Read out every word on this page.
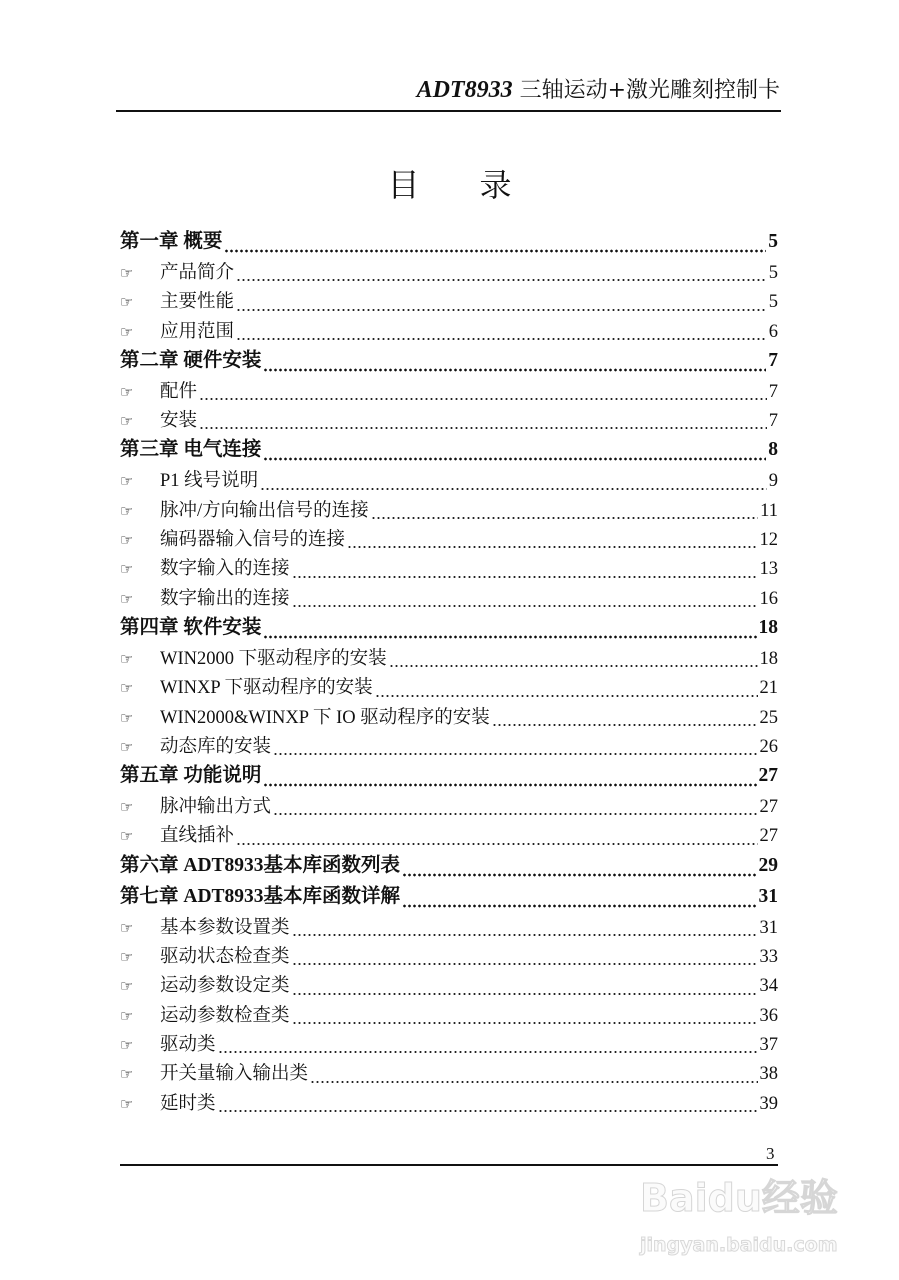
ADT8933 三轴运动+激光雕刻控制卡
目录
第一章 概要	5
☞	产品简介	5
☞	主要性能	5
☞	应用范围	6
第二章 硬件安装	7
☞	配件	7
☞	安装	7
第三章 电气连接	8
☞	P1 线号说明	9
☞	脉冲/方向输出信号的连接	11
☞	编码器输入信号的连接	12
☞	数字输入的连接	13
☞	数字输出的连接	16
第四章 软件安装	18
☞	WIN2000 下驱动程序的安装	18
☞	WINXP 下驱动程序的安装	21
☞	WIN2000&WINXP 下 IO 驱动程序的安装	25
☞	动态库的安装	26
第五章 功能说明	27
☞	脉冲输出方式	27
☞	直线插补	27
第六章 ADT8933基本库函数列表	29
第七章 ADT8933基本库函数详解	31
☞	基本参数设置类	31
☞	驱动状态检查类	33
☞	运动参数设定类	34
☞	运动参数检查类	36
☞	驱动类	37
☞	开关量输入输出类	38
☞	延时类	39
3
Baidu经验
jingyan.baidu.com
